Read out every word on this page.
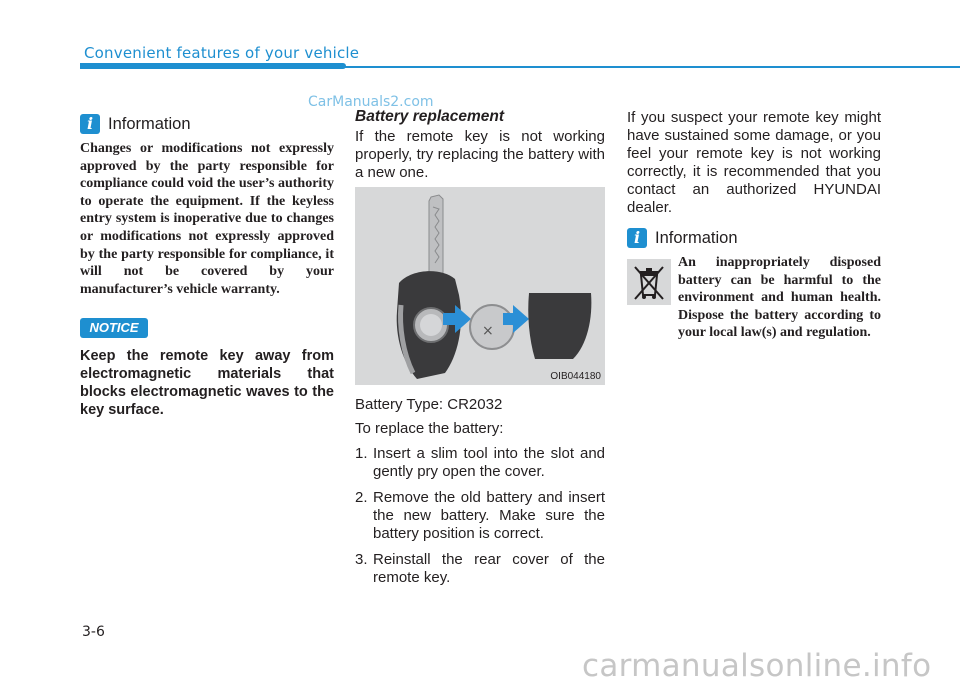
Convenient features of your vehicle
CarManuals2.com
i Information
Changes or modifications not expressly approved by the party responsible for compliance could void the user’s authority to operate the equipment. If the keyless entry system is inoperative due to changes or modifications not expressly approved by the party responsible for compliance, it will not be covered by your manufacturer’s vehicle warranty.
NOTICE
Keep the remote key away from electromagnetic materials that blocks electromagnetic waves to the key surface.
Battery replacement
If the remote key is not working properly, try replacing the battery with a new one.
×
OIB044180
Battery Type: CR2032
To replace the battery:
1. Insert a slim tool into the slot and gently pry open the cover.
2. Remove the old battery and insert the new battery. Make sure the battery position is correct.
3. Reinstall the rear cover of the remote key.
If you suspect your remote key might have sustained some damage, or you feel your remote key is not working correctly, it is recommended that you contact an authorized HYUNDAI dealer.
i Information
An inappropriately disposed battery can be harmful to the environment and human health. Dispose the battery according to your local law(s) and regulation.
3-6
carmanualsonline.info
